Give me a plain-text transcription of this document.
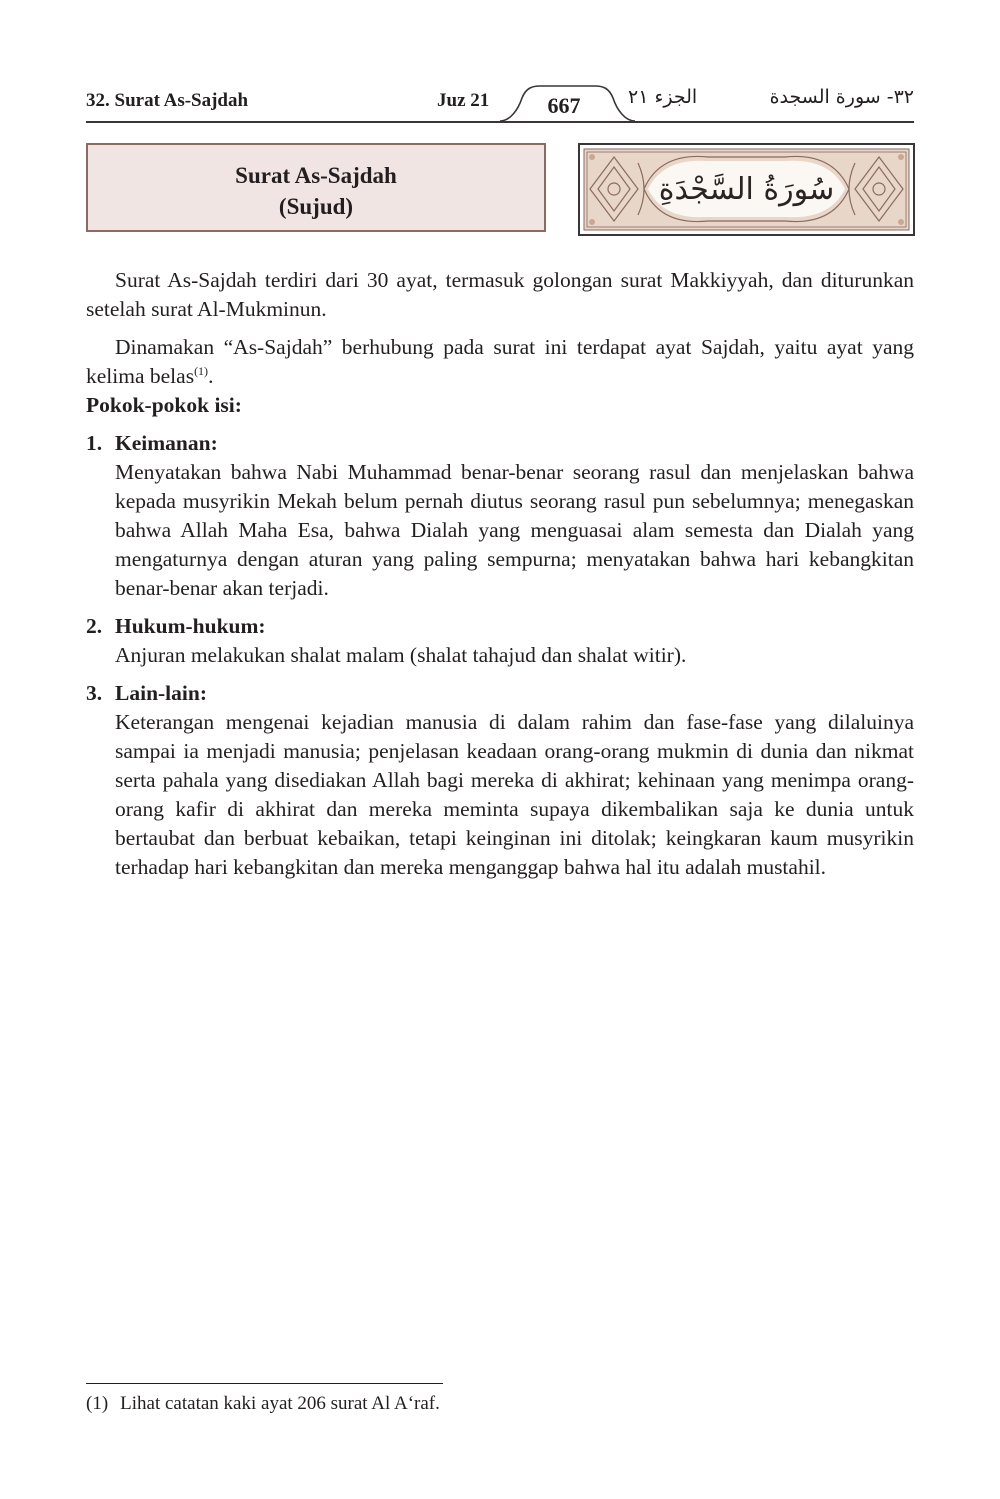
32. Surat As-Sajdah	Juz 21	667	الجزء ٢١	٣٢- سورة السجدة
Surat As-Sajdah
(Sujud)	سُورَةُ السَّجْدَةِ

Surat As-Sajdah terdiri dari 30 ayat, termasuk golongan surat Makkiyyah, dan diturunkan setelah surat Al-Mukminun.

Dinamakan “As-Sajdah” berhubung pada surat ini terdapat ayat Sajdah, yaitu ayat yang kelima belas$^{(1)}$.

Pokok-pokok isi:

1. Keimanan:

Menyatakan bahwa Nabi Muhammad benar-benar seorang rasul dan menjelaskan bahwa kepada musyrikin Mekah belum pernah diutus seorang rasul pun sebelumnya; menegaskan bahwa Allah Maha Esa, bahwa Dialah yang menguasai alam semesta dan Dialah yang mengaturnya dengan aturan yang paling sempurna; menyatakan bahwa hari kebangkitan benar-benar akan terjadi.

2. Hukum-hukum:

Anjuran melakukan shalat malam (shalat tahajud dan shalat witir).

3. Lain-lain:

Keterangan mengenai kejadian manusia di dalam rahim dan fase-fase yang dilaluinya sampai ia menjadi manusia; penjelasan keadaan orang-orang mukmin di dunia dan nikmat serta pahala yang disediakan Allah bagi mereka di akhirat; kehinaan yang menimpa orang-orang kafir di akhirat dan mereka meminta supaya dikembalikan saja ke dunia untuk bertaubat dan berbuat kebaikan, tetapi keinginan ini ditolak; keingkaran kaum musyrikin terhadap hari kebangkitan dan mereka menganggap bahwa hal itu adalah mustahil.

(1) Lihat catatan kaki ayat 206 surat Al A‘raf.
